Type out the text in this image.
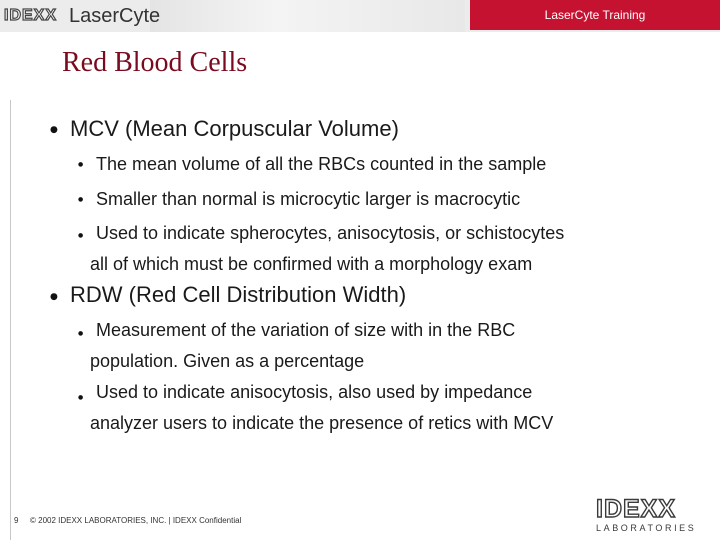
IDEXX LaserCyte	LaserCyte Training
Red Blood Cells
● MCV (Mean Corpuscular Volume)
● The mean volume of all the RBCs counted in the sample
● Smaller than normal is microcytic larger is macrocytic
● Used to indicate spherocytes, anisocytosis, or schistocytes
all of which must be confirmed with a morphology exam
● RDW (Red Cell Distribution Width)
● Measurement of the variation of size with in the RBC
population. Given as a percentage
● Used to indicate anisocytosis, also used by impedance
analyzer users to indicate the presence of retics with MCV
9 © 2002 IDEXX LABORATORIES, INC. | IDEXX Confidential	IDEXX
LABORATORIES
